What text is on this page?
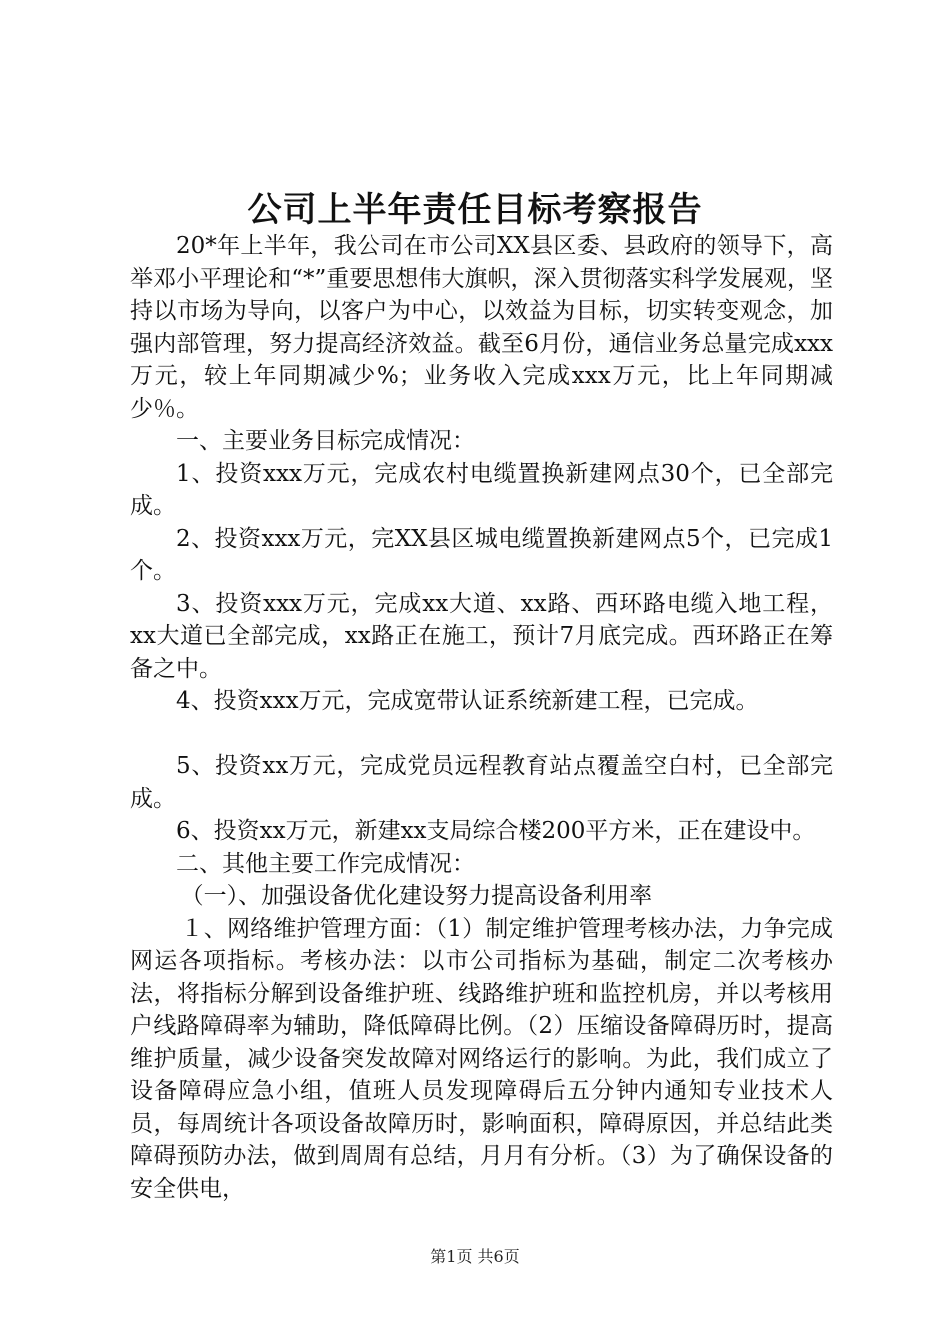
公司上半年责任目标考察报告

20*年上半年，我公司在市公司XX县区委、县政府的领导下，高举邓小平理论和“*”重要思想伟大旗帜，深入贯彻落实科学发展观，坚持以市场为导向，以客户为中心，以效益为目标，切实转变观念，加强内部管理，努力提高经济效益。截至6月份，通信业务总量完成xxx万元，较上年同期减少%；业务收入完成xxx万元，比上年同期减少％。

一、主要业务目标完成情况：

1、投资xxx万元，完成农村电缆置换新建网点30个，已全部完成。

2、投资xxx万元，完XX县区城电缆置换新建网点5个，已完成1个。

3、投资xxx万元，完成xx大道、xx路、西环路电缆入地工程，xx大道已全部完成，xx路正在施工，预计7月底完成。西环路正在筹备之中。

4、投资xxx万元，完成宽带认证系统新建工程，已完成。

5、投资xx万元，完成党员远程教育站点覆盖空白村，已全部完成。

6、投资xx万元，新建xx支局综合楼200平方米，正在建设中。

二、其他主要工作完成情况：

（一）、加强设备优化建设努力提高设备利用率

１、网络维护管理方面：（1）制定维护管理考核办法，力争完成网运各项指标。考核办法：以市公司指标为基础，制定二次考核办法，将指标分解到设备维护班、线路维护班和监控机房，并以考核用户线路障碍率为辅助，降低障碍比例。（2）压缩设备障碍历时，提高维护质量，减少设备突发故障对网络运行的影响。为此，我们成立了设备障碍应急小组，值班人员发现障碍后五分钟内通知专业技术人员，每周统计各项设备故障历时，影响面积，障碍原因，并总结此类障碍预防办法，做到周周有总结，月月有分析。（3）为了确保设备的安全供电，

第1页 共6页
